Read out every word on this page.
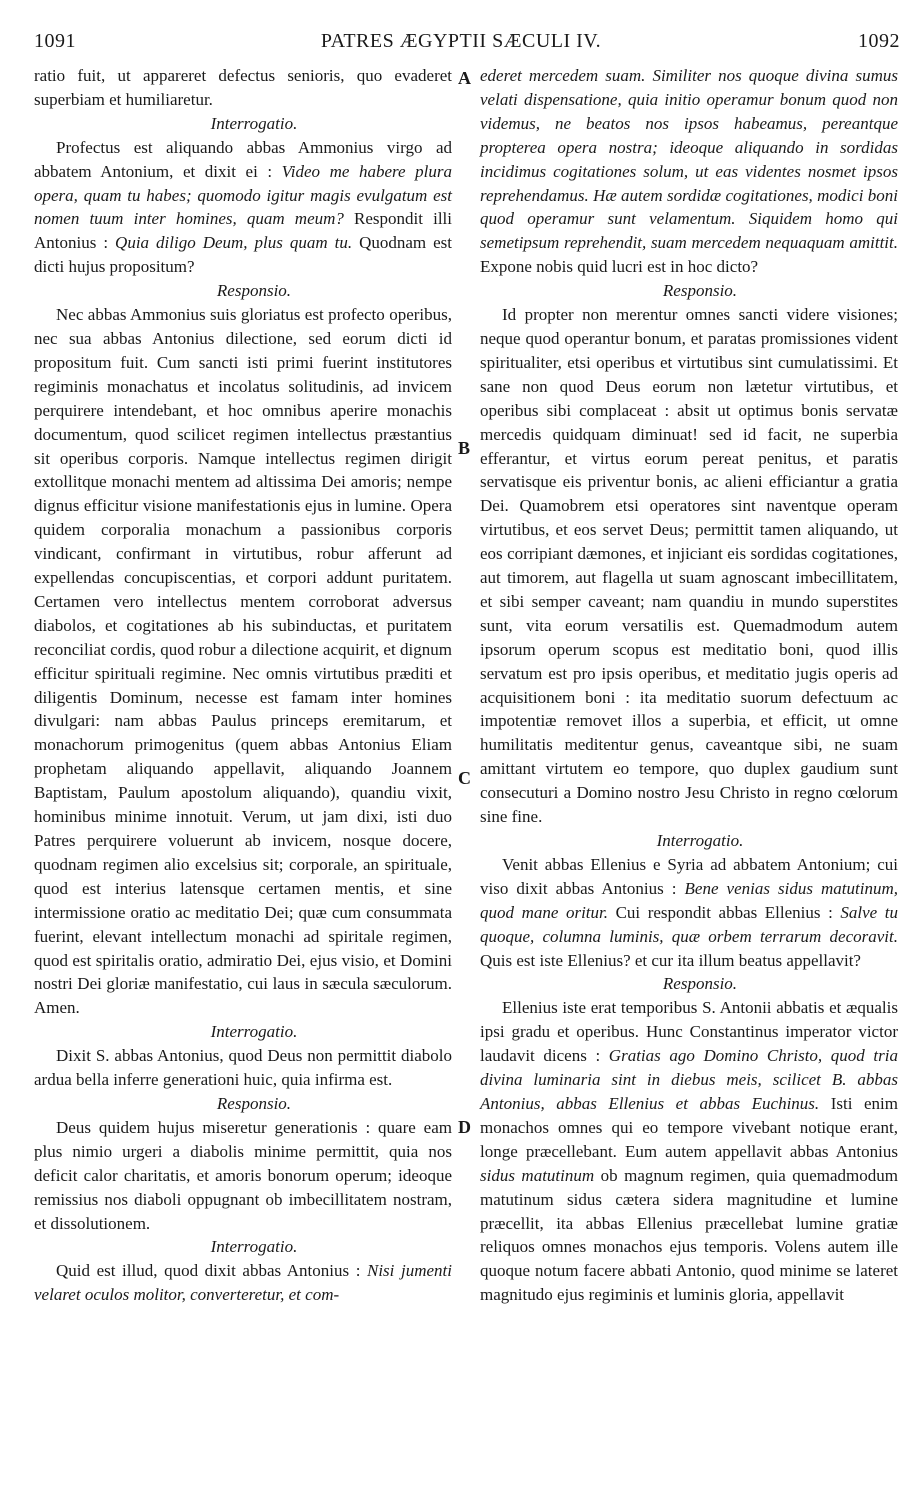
1091	PATRES ÆGYPTII SÆCULI IV.	1092
A
B
C
D

ratio fuit, ut appareret defectus senioris, quo evaderet superbiam et humiliaretur.

Interrogatio.

Profectus est aliquando abbas Ammonius virgo ad abbatem Antonium, et dixit ei : Video me habere plura opera, quam tu habes; quomodo igitur magis evulgatum est nomen tuum inter homines, quam meum? Respondit illi Antonius : Quia diligo Deum, plus quam tu. Quodnam est dicti hujus propositum?

Responsio.

Nec abbas Ammonius suis gloriatus est profecto operibus, nec sua abbas Antonius dilectione, sed eorum dicti id propositum fuit. Cum sancti isti primi fuerint institutores regiminis monachatus et incolatus solitudinis, ad invicem perquirere intendebant, et hoc omnibus aperire monachis documentum, quod scilicet regimen intellectus præstantius sit operibus corporis. Namque intellectus regimen dirigit extollitque monachi mentem ad altissima Dei amoris; nempe dignus efficitur visione manifestationis ejus in lumine. Opera quidem corporalia monachum a passionibus corporis vindicant, confirmant in virtutibus, robur afferunt ad expellendas concupiscentias, et corpori addunt puritatem. Certamen vero intellectus mentem corroborat adversus diabolos, et cogitationes ab his subinductas, et puritatem reconciliat cordis, quod robur a dilectione acquirit, et dignum efficitur spirituali regimine. Nec omnis virtutibus præditi et diligentis Dominum, necesse est famam inter homines divulgari: nam abbas Paulus princeps eremitarum, et monachorum primogenitus (quem abbas Antonius Eliam prophetam aliquando appellavit, aliquando Joannem Baptistam, Paulum apostolum aliquando), quandiu vixit, hominibus minime innotuit. Verum, ut jam dixi, isti duo Patres perquirere voluerunt ab invicem, nosque docere, quodnam regimen alio excelsius sit; corporale, an spirituale, quod est interius latensque certamen mentis, et sine intermissione oratio ac meditatio Dei; quæ cum consummata fuerint, elevant intellectum monachi ad spiritale regimen, quod est spiritalis oratio, admiratio Dei, ejus visio, et Domini nostri Dei gloriæ manifestatio, cui laus in sæcula sæculorum. Amen.

Interrogatio.

Dixit S. abbas Antonius, quod Deus non permittit diabolo ardua bella inferre generationi huic, quia infirma est.

Responsio.

Deus quidem hujus miseretur generationis : quare eam plus nimio urgeri a diabolis minime permittit, quia nos deficit calor charitatis, et amoris bonorum operum; ideoque remissius nos diaboli oppugnant ob imbecillitatem nostram, et dissolutionem.

Interrogatio.

Quid est illud, quod dixit abbas Antonius : Nisi jumenti velaret oculos molitor, converteretur, et com-

ederet mercedem suam. Similiter nos quoque divina sumus velati dispensatione, quia initio operamur bonum quod non videmus, ne beatos nos ipsos habeamus, pereantque propterea opera nostra; ideoque aliquando in sordidas incidimus cogitationes solum, ut eas videntes nosmet ipsos reprehendamus. Hæ autem sordidæ cogitationes, modici boni quod operamur sunt velamentum. Siquidem homo qui semetipsum reprehendit, suam mercedem nequaquam amittit. Expone nobis quid lucri est in hoc dicto?

Responsio.

Id propter non merentur omnes sancti videre visiones; neque quod operantur bonum, et paratas promissiones vident spiritualiter, etsi operibus et virtutibus sint cumulatissimi. Et sane non quod Deus eorum non lætetur virtutibus, et operibus sibi complaceat : absit ut optimus bonis servatæ mercedis quidquam diminuat! sed id facit, ne superbia efferantur, et virtus eorum pereat penitus, et paratis servatisque eis priventur bonis, ac alieni efficiantur a gratia Dei. Quamobrem etsi operatores sint naventque operam virtutibus, et eos servet Deus; permittit tamen aliquando, ut eos corripiant dæmones, et injiciant eis sordidas cogitationes, aut timorem, aut flagella ut suam agnoscant imbecillitatem, et sibi semper caveant; nam quandiu in mundo superstites sunt, vita eorum versatilis est. Quemadmodum autem ipsorum operum scopus est meditatio boni, quod illis servatum est pro ipsis operibus, et meditatio jugis operis ad acquisitionem boni : ita meditatio suorum defectuum ac impotentiæ removet illos a superbia, et efficit, ut omne humilitatis meditentur genus, caveantque sibi, ne suam amittant virtutem eo tempore, quo duplex gaudium sunt consecuturi a Domino nostro Jesu Christo in regno cœlorum sine fine.

Interrogatio.

Venit abbas Ellenius e Syria ad abbatem Antonium; cui viso dixit abbas Antonius : Bene venias sidus matutinum, quod mane oritur. Cui respondit abbas Ellenius : Salve tu quoque, columna luminis, quæ orbem terrarum decoravit. Quis est iste Ellenius? et cur ita illum beatus appellavit?

Responsio.

Ellenius iste erat temporibus S. Antonii abbatis et æqualis ipsi gradu et operibus. Hunc Constantinus imperator victor laudavit dicens : Gratias ago Domino Christo, quod tria divina luminaria sint in diebus meis, scilicet B. abbas Antonius, abbas Ellenius et abbas Euchinus. Isti enim monachos omnes qui eo tempore vivebant notique erant, longe præcellebant. Eum autem appellavit abbas Antonius sidus matutinum ob magnum regimen, quia quemadmodum matutinum sidus cætera sidera magnitudine et lumine præcellit, ita abbas Ellenius præcellebat lumine gratiæ reliquos omnes monachos ejus temporis. Volens autem ille quoque notum facere abbati Antonio, quod minime se lateret magnitudo ejus regiminis et luminis gloria, appellavit
